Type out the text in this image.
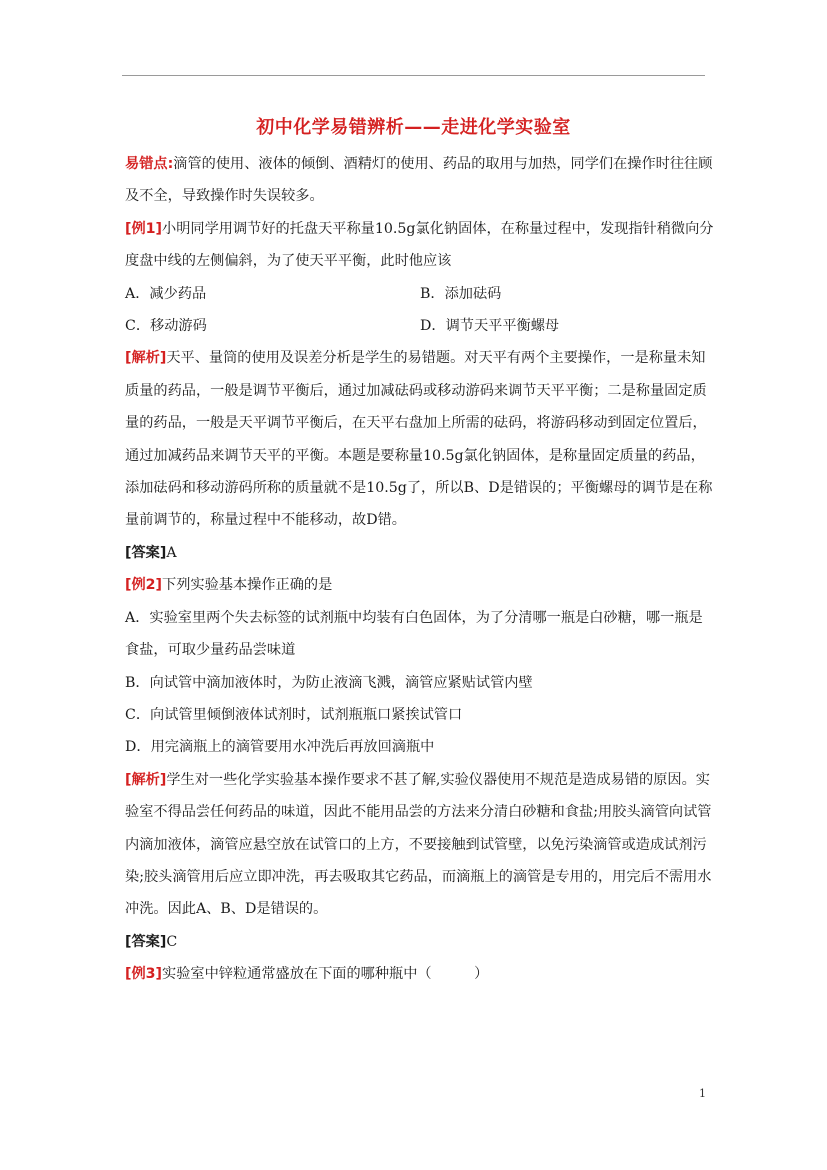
初中化学易错辨析——走进化学实验室

易错点:滴管的使用、液体的倾倒、酒精灯的使用、药品的取用与加热，同学们在操作时往往顾及不全，导致操作时失误较多。

[例1]小明同学用调节好的托盘天平称量10.5g氯化钠固体，在称量过程中，发现指针稍微向分度盘中线的左侧偏斜，为了使天平平衡，此时他应该

A．减少药品	B．添加砝码
C．移动游码	D．调节天平平衡螺母

[解析]天平、量筒的使用及误差分析是学生的易错题。对天平有两个主要操作，一是称量未知质量的药品，一般是调节平衡后，通过加减砝码或移动游码来调节天平平衡；二是称量固定质量的药品，一般是天平调节平衡后，在天平右盘加上所需的砝码，将游码移动到固定位置后，通过加减药品来调节天平的平衡。本题是要称量10.5g氯化钠固体，是称量固定质量的药品，添加砝码和移动游码所称的质量就不是10.5g了，所以B、D是错误的；平衡螺母的调节是在称量前调节的，称量过程中不能移动，故D错。

[答案]A

[例2]下列实验基本操作正确的是

A．实验室里两个失去标签的试剂瓶中均装有白色固体，为了分清哪一瓶是白砂糖，哪一瓶是食盐，可取少量药品尝味道

B．向试管中滴加液体时，为防止液滴飞溅，滴管应紧贴试管内壁

C．向试管里倾倒液体试剂时，试剂瓶瓶口紧挨试管口

D．用完滴瓶上的滴管要用水冲洗后再放回滴瓶中

[解析]学生对一些化学实验基本操作要求不甚了解,实验仪器使用不规范是造成易错的原因。实验室不得品尝任何药品的味道，因此不能用品尝的方法来分清白砂糖和食盐;用胶头滴管向试管内滴加液体，滴管应悬空放在试管口的上方，不要接触到试管壁，以免污染滴管或造成试剂污染;胶头滴管用后应立即冲洗，再去吸取其它药品，而滴瓶上的滴管是专用的，用完后不需用水冲洗。因此A、B、D是错误的。

[答案]C

[例3]实验室中锌粒通常盛放在下面的哪种瓶中（　　　）

1
